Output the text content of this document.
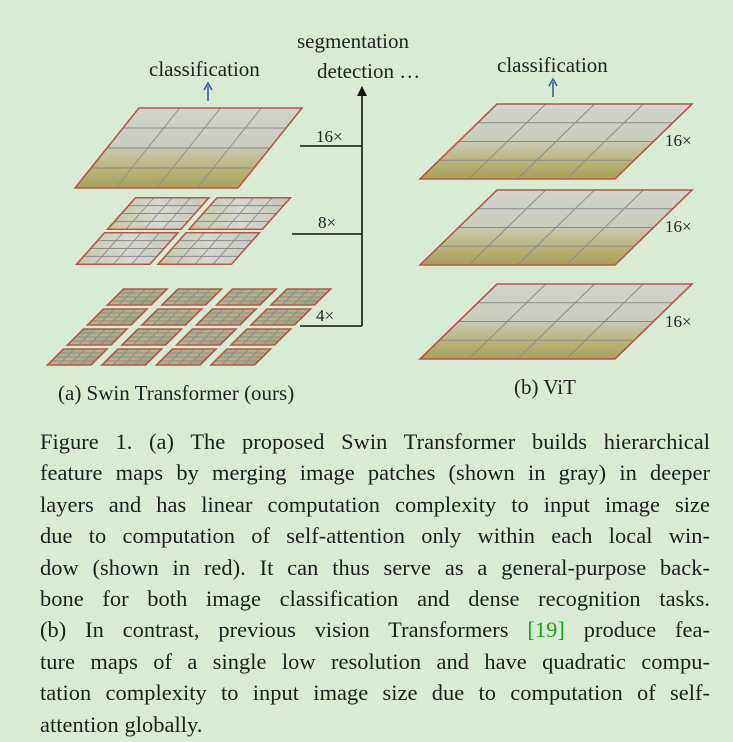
classification
segmentation
detection …
16×
8×
4×
(a) Swin Transformer (ours)
classification
16×
16×
16×
(b) ViT
Figure 1. (a) The proposed Swin Transformer builds hierarchical
feature maps by merging image patches (shown in gray) in deeper
layers and has linear computation complexity to input image size
due to computation of self-attention only within each local win-
dow (shown in red). It can thus serve as a general-purpose back-
bone for both image classification and dense recognition tasks.
(b) In contrast, previous vision Transformers [19] produce fea-
ture maps of a single low resolution and have quadratic compu-
tation complexity to input image size due to computation of self-
attention globally.
